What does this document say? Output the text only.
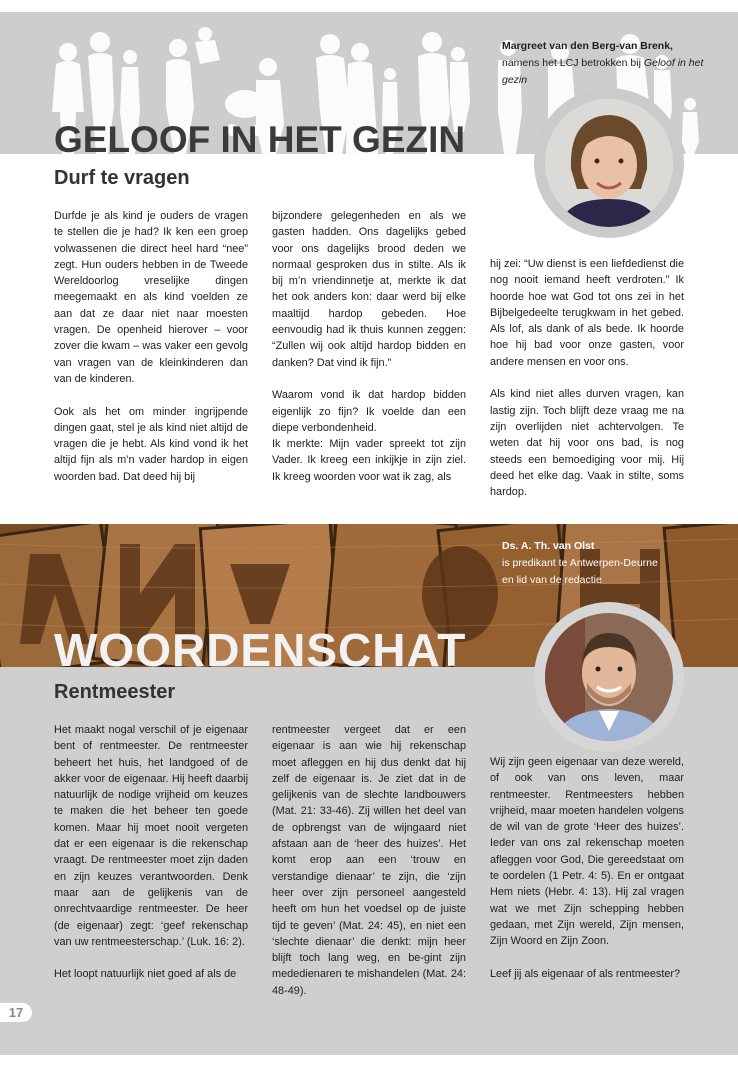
GELOOF IN HET GEZIN
Durf te vragen
Margreet van den Berg-van Brenk,
namens het LCJ betrokken bij Geloof in het gezin

Durfde je als kind je ouders de vragen te stellen die je had? Ik ken een groep volwassenen die direct heel hard “nee” zegt. Hun ouders hebben in de Tweede Wereldoorlog vreselijke dingen meegemaakt en als kind voelden ze aan dat ze daar niet naar moesten vragen. De openheid hierover – voor zover die kwam – was vaker een gevolg van vragen van de kleinkinderen dan van de kinderen.

Ook als het om minder ingrijpende dingen gaat, stel je als kind niet altijd de vragen die je hebt. Als kind vond ik het altijd fijn als m’n vader hardop in eigen woorden bad. Dat deed hij bij

bijzondere gelegenheden en als we gasten hadden. Ons dagelijks gebed voor ons dagelijks brood deden we normaal gesproken dus in stilte. Als ik bij m’n vriendinnetje at, merkte ik dat het ook anders kon: daar werd bij elke maaltijd hardop gebeden. Hoe eenvoudig had ik thuis kunnen zeggen: “Zullen wij ook altijd hardop bidden en danken? Dat vind ik fijn.”

Waarom vond ik dat hardop bidden eigenlijk zo fijn? Ik voelde dan een diepe verbondenheid.

Ik merkte: Mijn vader spreekt tot zijn Vader. Ik kreeg een inkijkje in zijn ziel. Ik kreeg woorden voor wat ik zag, als

hij zei: “Uw dienst is een liefdedienst die nog nooit iemand heeft verdroten.” Ik hoorde hoe wat God tot ons zei in het Bijbelgedeelte terugkwam in het gebed. Als lof, als dank of als bede. Ik hoorde hoe hij bad voor onze gasten, voor andere mensen en voor ons.

Als kind niet alles durven vragen, kan lastig zijn. Toch blijft deze vraag me na zijn overlijden niet achtervolgen. Te weten dat hij voor ons bad, is nog steeds een bemoediging voor mij. Hij deed het elke dag. Vaak in stilte, soms hardop.

WOORDENSCHAT
Rentmeester
Ds. A. Th. van Olst
is predikant te Antwerpen-Deurne
en lid van de redactie

Het maakt nogal verschil of je eigenaar bent of rentmeester. De rentmeester beheert het huis, het landgoed of de akker voor de eigenaar. Hij heeft daarbij natuurlijk de nodige vrijheid om keuzes te maken die het beheer ten goede komen. Maar hij moet nooit vergeten dat er een eigenaar is die rekenschap vraagt. De rentmeester moet zijn daden en zijn keuzes verantwoorden. Denk maar aan de gelijkenis van de onrechtvaardige rentmeester. De heer (de eigenaar) zegt: ‘geef rekenschap van uw rentmeesterschap.’ (Luk. 16: 2).

Het loopt natuurlijk niet goed af als de

rentmeester vergeet dat er een eigenaar is aan wie hij rekenschap moet afleggen en hij dus denkt dat hij zelf de eigenaar is. Je ziet dat in de gelijkenis van de slechte landbouwers (Mat. 21: 33-46). Zij willen het deel van de opbrengst van de wijngaard niet afstaan aan de ‘heer des huizes’. Het komt erop aan een ‘trouw en verstandige dienaar’ te zijn, die ‘zijn heer over zijn personeel aangesteld heeft om hun het voedsel op de juiste tijd te geven’ (Mat. 24: 45), en niet een ‘slechte dienaar’ die denkt: mijn heer blijft toch lang weg, en be-gint zijn mededienaren te mishandelen (Mat. 24: 48-49).

Wij zijn geen eigenaar van deze wereld, of ook van ons leven, maar rentmeester. Rentmeesters hebben vrijheid, maar moeten handelen volgens de wil van de grote ‘Heer des huizes’. Ieder van ons zal rekenschap moeten afleggen voor God, Die gereedstaat om te oordelen (1 Petr. 4: 5). En er ontgaat Hem niets (Hebr. 4: 13). Hij zal vragen wat we met Zijn schepping hebben gedaan, met Zijn wereld, Zijn mensen, Zijn Woord en Zijn Zoon.

Leef jij als eigenaar of als rentmeester?

17
